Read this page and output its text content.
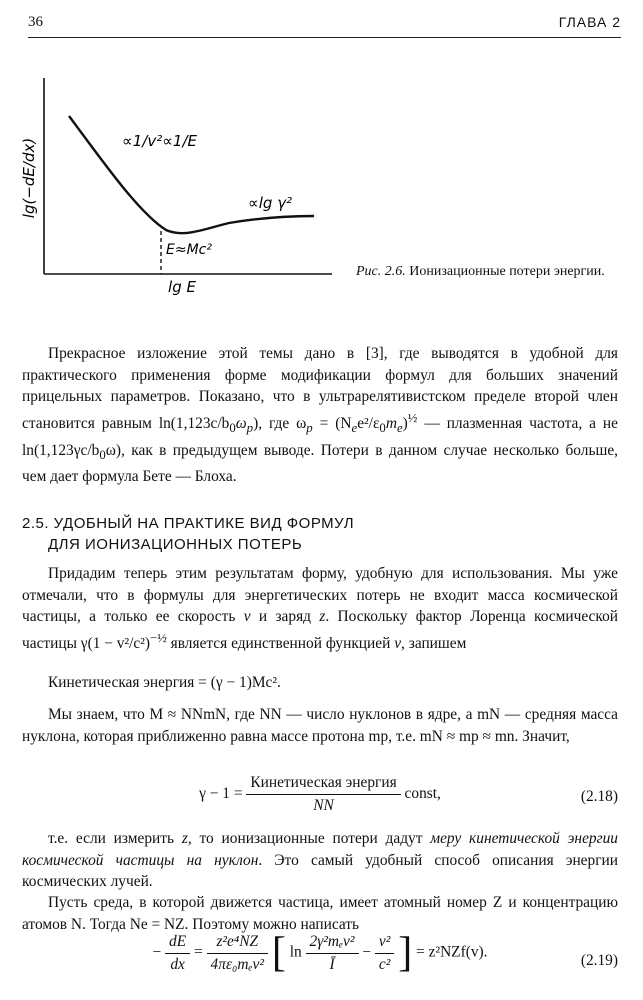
36	ГЛАВА 2
lg(−dE/dx)
lg E
∝1/v²∝1/E
∝lg γ²
E≈Mc²
Рис. 2.6. Ионизационные потери энергии.
Прекрасное изложение этой темы дано в [3], где выводятся в удобной для практического применения форме модификации формул для больших значений прицельных параметров. Показано, что в ультрарелятивистском пределе второй член становится равным $\ln(1,123c/b_0\omega_p)$, где $\omega_p = (N_ee^2/\varepsilon_0m_e)^{\frac{1}{2}}$ — плазменная частота, а не $\ln(1,123\gamma c/b_0\omega)$, как в предыдущем выводе. Потери в данном случае несколько больше, чем дает формула Бете — Блоха.
2.5. УДОБНЫЙ НА ПРАКТИКЕ ВИД ФОРМУЛ
ДЛЯ ИОНИЗАЦИОННЫХ ПОТЕРЬ
Придадим теперь этим результатам форму, удобную для использования. Мы уже отмечали, что в формулы для энергетических потерь не входит масса космической частицы, а только ее скорость v и заряд z. Поскольку фактор Лоренца космической частицы $\gamma(1 - v^2/c^2)^{-\frac{1}{2}}$ является единственной функцией v, запишем
Кинетическая энергия = (γ − 1)Mc².
Мы знаем, что M ≈ NNmN, где NN — число нуклонов в ядре, а mN — средняя масса нуклона, которая приближенно равна массе протона mp, т.е. mN ≈ mp ≈ mn. Значит,
$\gamma - 1 = \frac{\text{Кинетическая энергия}}{NN}$ const,	(2.18)
т.е. если измерить z, то ионизационные потери дадут меру кинетической энергии космической частицы на нуклон. Это самый удобный способ описания энергии космических лучей.
Пусть среда, в которой движется частица, имеет атомный номер Z и концентрацию атомов N. Тогда Ne = NZ. Поэтому можно написать
− $\frac{dE}{dx} = \frac{\text{z²e⁴NZ}}{\text{4πε₀mₑv²}}$ [ $\ln \frac{\text{2γ²mₑv²}}{Ī} - \frac{\text{v²}}{\text{c²}}$ ] = z²NZf(v).	(2.19)
